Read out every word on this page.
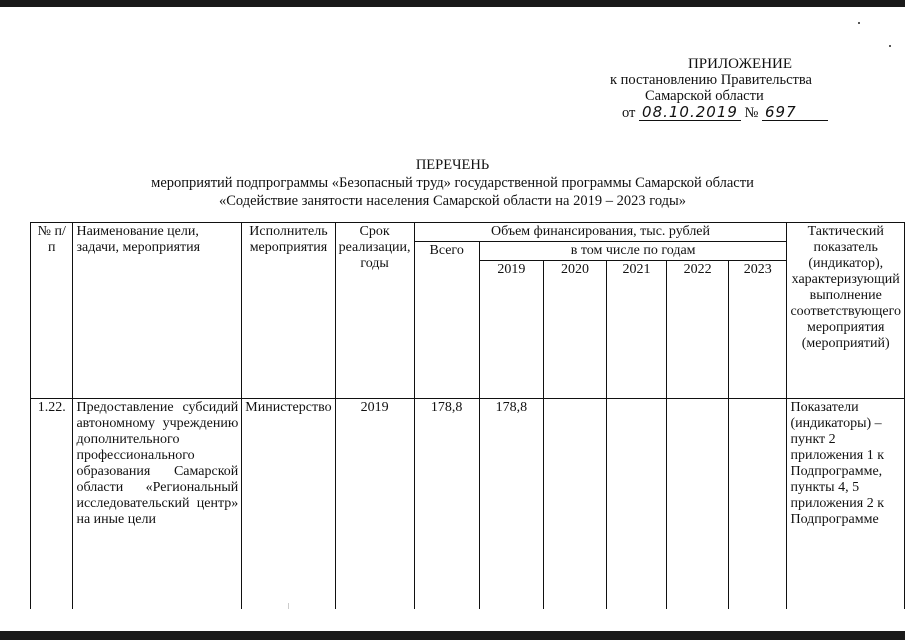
ПРИЛОЖЕНИЕ
к постановлению Правительства
Самарской области
от 08.10.2019 № 697
ПЕРЕЧЕНЬ
мероприятий подпрограммы «Безопасный труд» государственной программы Самарской области
«Содействие занятости населения Самарской области на 2019 – 2023 годы»
№ п/п	Наименование цели, задачи, мероприятия	Исполнитель мероприятия	Срок реализации, годы	Объем финансирования, тыс. рублей						Тактический показатель (индикатор), характеризующий выполнение соответствующего мероприятия (мероприятий)
				Всего	в том числе по годам					
					2019	2020	2021	2022	2023	
1.22.	Предоставление субсидий автономному учреждению дополнительного профессионального образования Самарской области «Региональный исследовательский центр» на иные цели	Министерство	2019	178,8	178,8					Показатели (индикаторы) – пункт 2 приложения 1 к Подпрограмме, пункты 4, 5 приложения 2 к Подпрограмме
